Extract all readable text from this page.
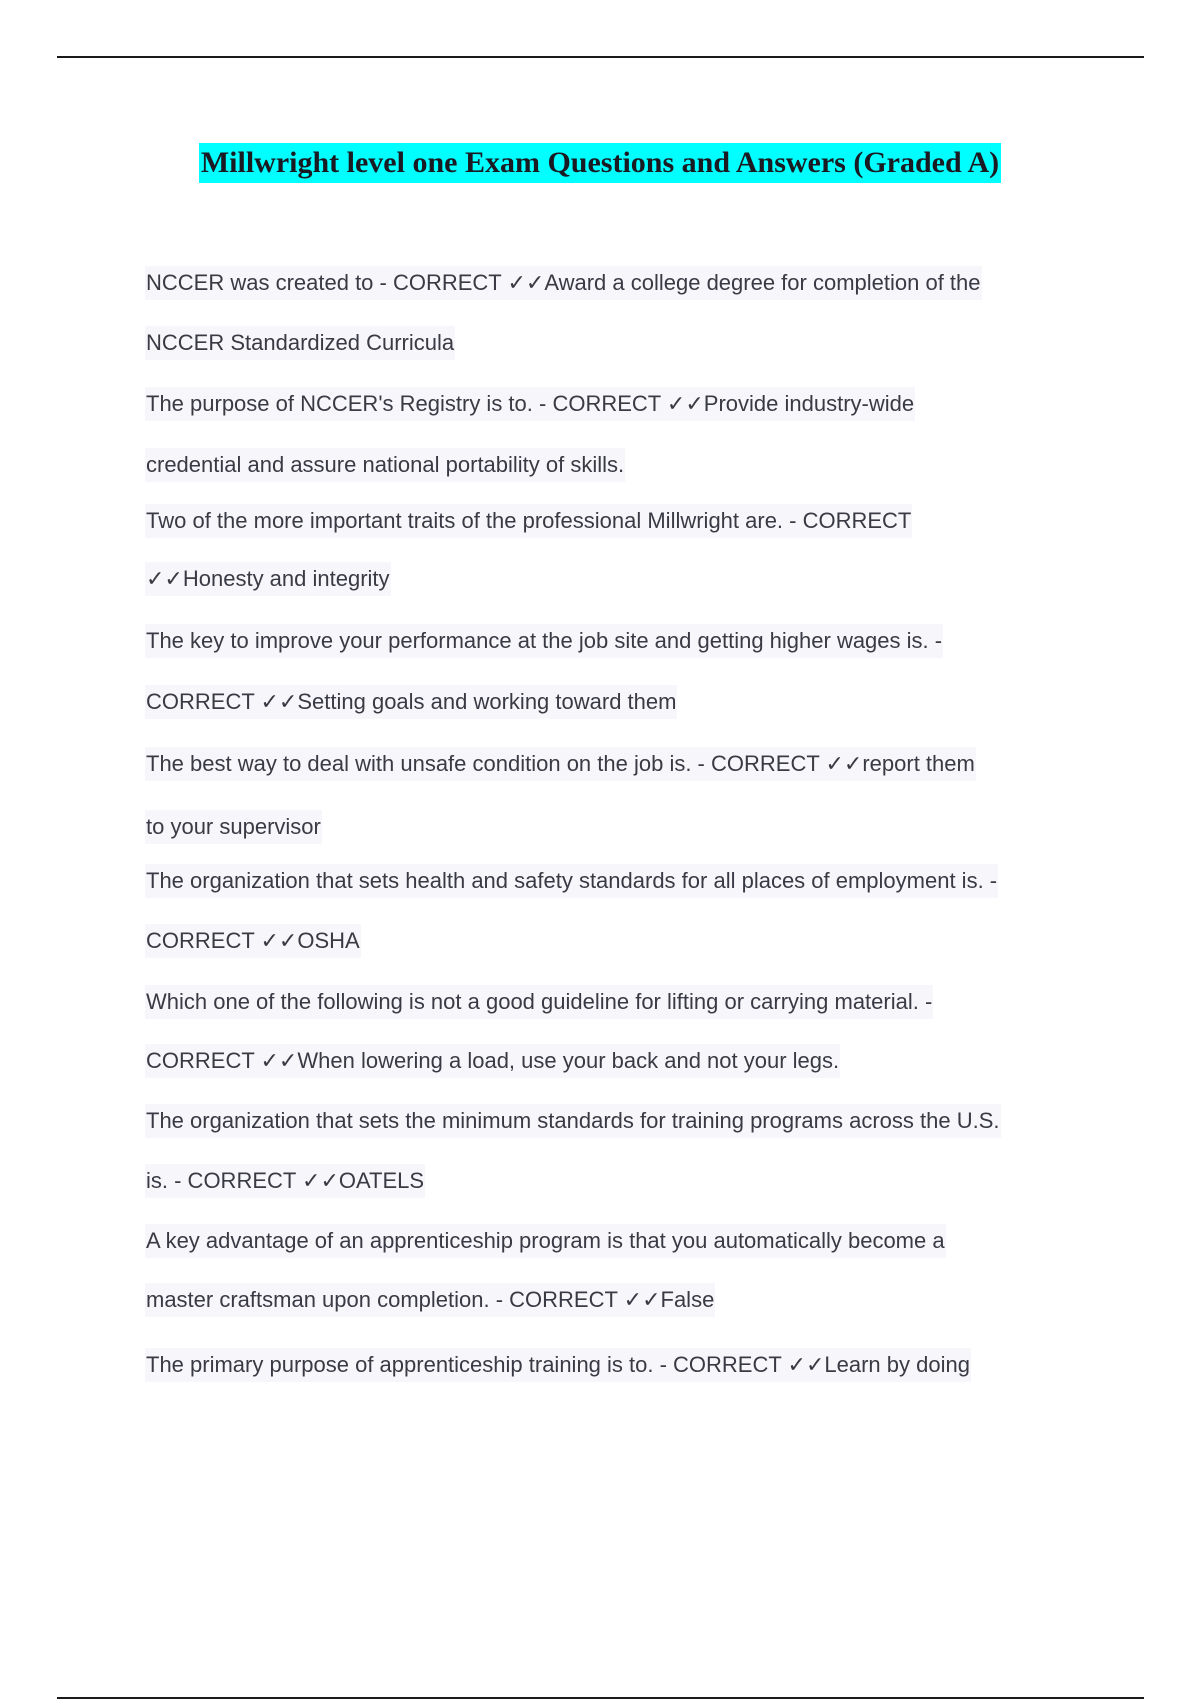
Millwright level one Exam Questions and Answers (Graded A)
NCCER was created to - CORRECT ✓✓Award a college degree for completion of the
NCCER Standardized Curricula
The purpose of NCCER's Registry is to. - CORRECT ✓✓Provide industry-wide
credential and assure national portability of skills.
Two of the more important traits of the professional Millwright are. - CORRECT
✓✓Honesty and integrity
The key to improve your performance at the job site and getting higher wages is. -
CORRECT ✓✓Setting goals and working toward them
The best way to deal with unsafe condition on the job is. - CORRECT ✓✓report them
to your supervisor
The organization that sets health and safety standards for all places of employment is. -
CORRECT ✓✓OSHA
Which one of the following is not a good guideline for lifting or carrying material. -
CORRECT ✓✓When lowering a load, use your back and not your legs.
The organization that sets the minimum standards for training programs across the U.S.
is. - CORRECT ✓✓OATELS
A key advantage of an apprenticeship program is that you automatically become a
master craftsman upon completion. - CORRECT ✓✓False
The primary purpose of apprenticeship training is to. - CORRECT ✓✓Learn by doing
